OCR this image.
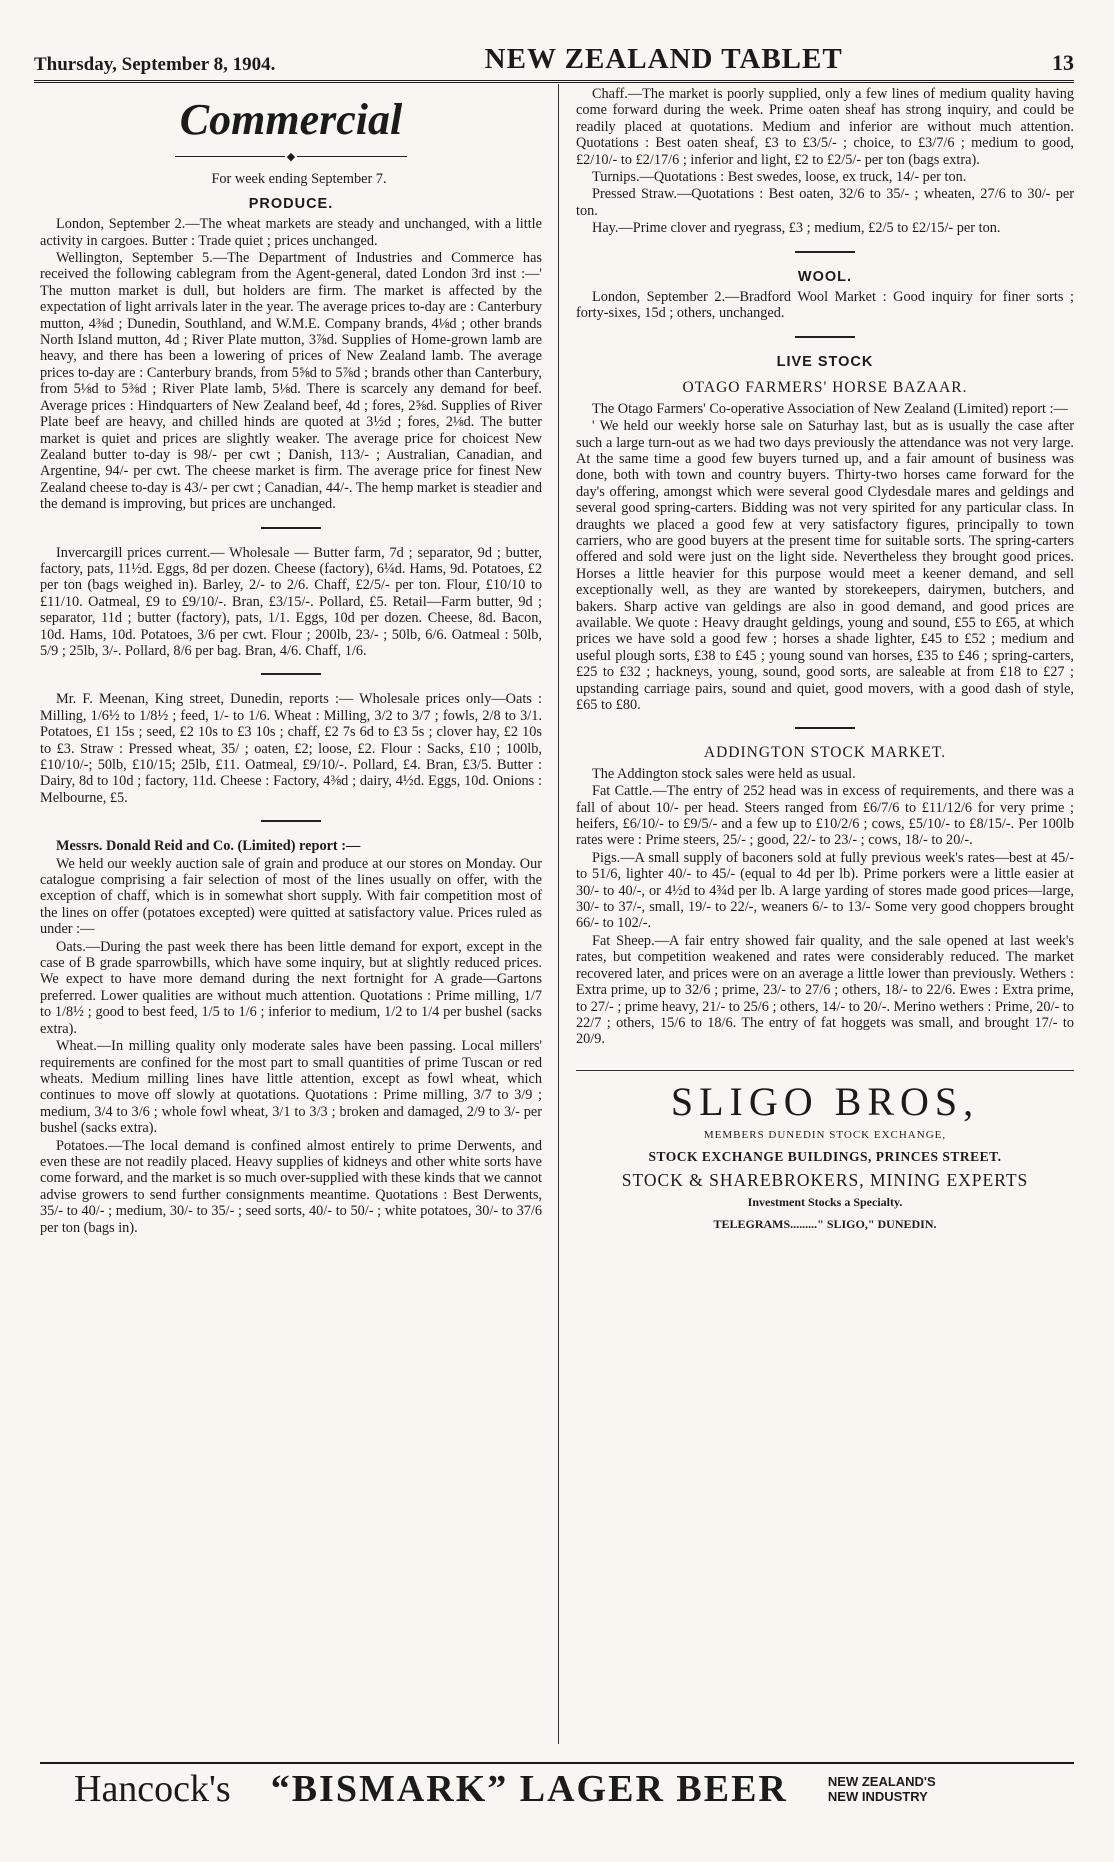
Thursday, September 8, 1904.	NEW ZEALAND TABLET	13
Commercial
◆

For week ending September 7.

PRODUCE.

London, September 2.—The wheat markets are steady and unchanged, with a little activity in cargoes. Butter : Trade quiet ; prices unchanged.

Wellington, September 5.—The Department of Industries and Commerce has received the following cablegram from the Agent-general, dated London 3rd inst :—' The mutton market is dull, but holders are firm. The market is affected by the expectation of light arrivals later in the year. The average prices to-day are : Canterbury mutton, 4⅜d ; Dunedin, Southland, and W.M.E. Company brands, 4⅛d ; other brands North Island mutton, 4d ; River Plate mutton, 3⅞d. Supplies of Home-grown lamb are heavy, and there has been a lowering of prices of New Zealand lamb. The average prices to-day are : Canterbury brands, from 5⅝d to 5⅞d ; brands other than Canterbury, from 5⅛d to 5⅜d ; River Plate lamb, 5⅛d. There is scarcely any demand for beef. Average prices : Hindquarters of New Zealand beef, 4d ; fores, 2⅝d. Supplies of River Plate beef are heavy, and chilled hinds are quoted at 3½d ; fores, 2⅛d. The butter market is quiet and prices are slightly weaker. The average price for choicest New Zealand butter to-day is 98/- per cwt ; Danish, 113/- ; Australian, Canadian, and Argentine, 94/- per cwt. The cheese market is firm. The average price for finest New Zealand cheese to-day is 43/- per cwt ; Canadian, 44/-. The hemp market is steadier and the demand is improving, but prices are unchanged.

Invercargill prices current.— Wholesale — Butter farm, 7d ; separator, 9d ; butter, factory, pats, 11½d. Eggs, 8d per dozen. Cheese (factory), 6¼d. Hams, 9d. Potatoes, £2 per ton (bags weighed in). Barley, 2/- to 2/6. Chaff, £2/5/- per ton. Flour, £10/10 to £11/10. Oatmeal, £9 to £9/10/-. Bran, £3/15/-. Pollard, £5. Retail—Farm butter, 9d ; separator, 11d ; butter (factory), pats, 1/1. Eggs, 10d per dozen. Cheese, 8d. Bacon, 10d. Hams, 10d. Potatoes, 3/6 per cwt. Flour ; 200lb, 23/- ; 50lb, 6/6. Oatmeal : 50lb, 5/9 ; 25lb, 3/-. Pollard, 8/6 per bag. Bran, 4/6. Chaff, 1/6.

Mr. F. Meenan, King street, Dunedin, reports :— Wholesale prices only—Oats : Milling, 1/6½ to 1/8½ ; feed, 1/- to 1/6. Wheat : Milling, 3/2 to 3/7 ; fowls, 2/8 to 3/1. Potatoes, £1 15s ; seed, £2 10s to £3 10s ; chaff, £2 7s 6d to £3 5s ; clover hay, £2 10s to £3. Straw : Pressed wheat, 35/ ; oaten, £2; loose, £2. Flour : Sacks, £10 ; 100lb, £10/10/-; 50lb, £10/15; 25lb, £11. Oatmeal, £9/10/-. Pollard, £4. Bran, £3/5. Butter : Dairy, 8d to 10d ; factory, 11d. Cheese : Factory, 4⅜d ; dairy, 4½d. Eggs, 10d. Onions : Melbourne, £5.

Messrs. Donald Reid and Co. (Limited) report :—

We held our weekly auction sale of grain and produce at our stores on Monday. Our catalogue comprising a fair selection of most of the lines usually on offer, with the exception of chaff, which is in somewhat short supply. With fair competition most of the lines on offer (potatoes excepted) were quitted at satisfactory value. Prices ruled as under :—

Oats.—During the past week there has been little demand for export, except in the case of B grade sparrowbills, which have some inquiry, but at slightly reduced prices. We expect to have more demand during the next fortnight for A grade—Gartons preferred. Lower qualities are without much attention. Quotations : Prime milling, 1/7 to 1/8½ ; good to best feed, 1/5 to 1/6 ; inferior to medium, 1/2 to 1/4 per bushel (sacks extra).

Wheat.—In milling quality only moderate sales have been passing. Local millers' requirements are confined for the most part to small quantities of prime Tuscan or red wheats. Medium milling lines have little attention, except as fowl wheat, which continues to move off slowly at quotations. Quotations : Prime milling, 3/7 to 3/9 ; medium, 3/4 to 3/6 ; whole fowl wheat, 3/1 to 3/3 ; broken and damaged, 2/9 to 3/- per bushel (sacks extra).

Potatoes.—The local demand is confined almost entirely to prime Derwents, and even these are not readily placed. Heavy supplies of kidneys and other white sorts have come forward, and the market is so much over-supplied with these kinds that we cannot advise growers to send further consignments meantime. Quotations : Best Derwents, 35/- to 40/- ; medium, 30/- to 35/- ; seed sorts, 40/- to 50/- ; white potatoes, 30/- to 37/6 per ton (bags in).

Chaff.—The market is poorly supplied, only a few lines of medium quality having come forward during the week. Prime oaten sheaf has strong inquiry, and could be readily placed at quotations. Medium and inferior are without much attention. Quotations : Best oaten sheaf, £3 to £3/5/- ; choice, to £3/7/6 ; medium to good, £2/10/- to £2/17/6 ; inferior and light, £2 to £2/5/- per ton (bags extra).

Turnips.—Quotations : Best swedes, loose, ex truck, 14/- per ton.

Pressed Straw.—Quotations : Best oaten, 32/6 to 35/- ; wheaten, 27/6 to 30/- per ton.

Hay.—Prime clover and ryegrass, £3 ; medium, £2/5 to £2/15/- per ton.

WOOL.

London, September 2.—Bradford Wool Market : Good inquiry for finer sorts ; forty-sixes, 15d ; others, unchanged.

LIVE STOCK
OTAGO FARMERS' HORSE BAZAAR.

The Otago Farmers' Co-operative Association of New Zealand (Limited) report :—

' We held our weekly horse sale on Saturhay last, but as is usually the case after such a large turn-out as we had two days previously the attendance was not very large. At the same time a good few buyers turned up, and a fair amount of business was done, both with town and country buyers. Thirty-two horses came forward for the day's offering, amongst which were several good Clydesdale mares and geldings and several good spring-carters. Bidding was not very spirited for any particular class. In draughts we placed a good few at very satisfactory figures, principally to town carriers, who are good buyers at the present time for suitable sorts. The spring-carters offered and sold were just on the light side. Nevertheless they brought good prices. Horses a little heavier for this purpose would meet a keener demand, and sell exceptionally well, as they are wanted by storekeepers, dairymen, butchers, and bakers. Sharp active van geldings are also in good demand, and good prices are available. We quote : Heavy draught geldings, young and sound, £55 to £65, at which prices we have sold a good few ; horses a shade lighter, £45 to £52 ; medium and useful plough sorts, £38 to £45 ; young sound van horses, £35 to £46 ; spring-carters, £25 to £32 ; hackneys, young, sound, good sorts, are saleable at from £18 to £27 ; upstanding carriage pairs, sound and quiet, good movers, with a good dash of style, £65 to £80.

ADDINGTON STOCK MARKET.

The Addington stock sales were held as usual.

Fat Cattle.—The entry of 252 head was in excess of requirements, and there was a fall of about 10/- per head. Steers ranged from £6/7/6 to £11/12/6 for very prime ; heifers, £6/10/- to £9/5/- and a few up to £10/2/6 ; cows, £5/10/- to £8/15/-. Per 100lb rates were : Prime steers, 25/- ; good, 22/- to 23/- ; cows, 18/- to 20/-.

Pigs.—A small supply of baconers sold at fully previous week's rates—best at 45/- to 51/6, lighter 40/- to 45/- (equal to 4d per lb). Prime porkers were a little easier at 30/- to 40/-, or 4½d to 4¾d per lb. A large yarding of stores made good prices—large, 30/- to 37/-, small, 19/- to 22/-, weaners 6/- to 13/- Some very good choppers brought 66/- to 102/-.

Fat Sheep.—A fair entry showed fair quality, and the sale opened at last week's rates, but competition weakened and rates were considerably reduced. The market recovered later, and prices were on an average a little lower than previously. Wethers : Extra prime, up to 32/6 ; prime, 23/- to 27/6 ; others, 18/- to 22/6. Ewes : Extra prime, to 27/- ; prime heavy, 21/- to 25/6 ; others, 14/- to 20/-. Merino wethers : Prime, 20/- to 22/7 ; others, 15/6 to 18/6. The entry of fat hoggets was small, and brought 17/- to 20/9.

SLIGO BROS,
MEMBERS DUNEDIN STOCK EXCHANGE,
STOCK EXCHANGE BUILDINGS, PRINCES STREET.
STOCK & SHAREBROKERS, MINING EXPERTS
Investment Stocks a Specialty.
TELEGRAMS........." SLIGO," DUNEDIN.
Hancock's “BISMARK” LAGER BEER	NEW ZEALAND'S
NEW INDUSTRY
